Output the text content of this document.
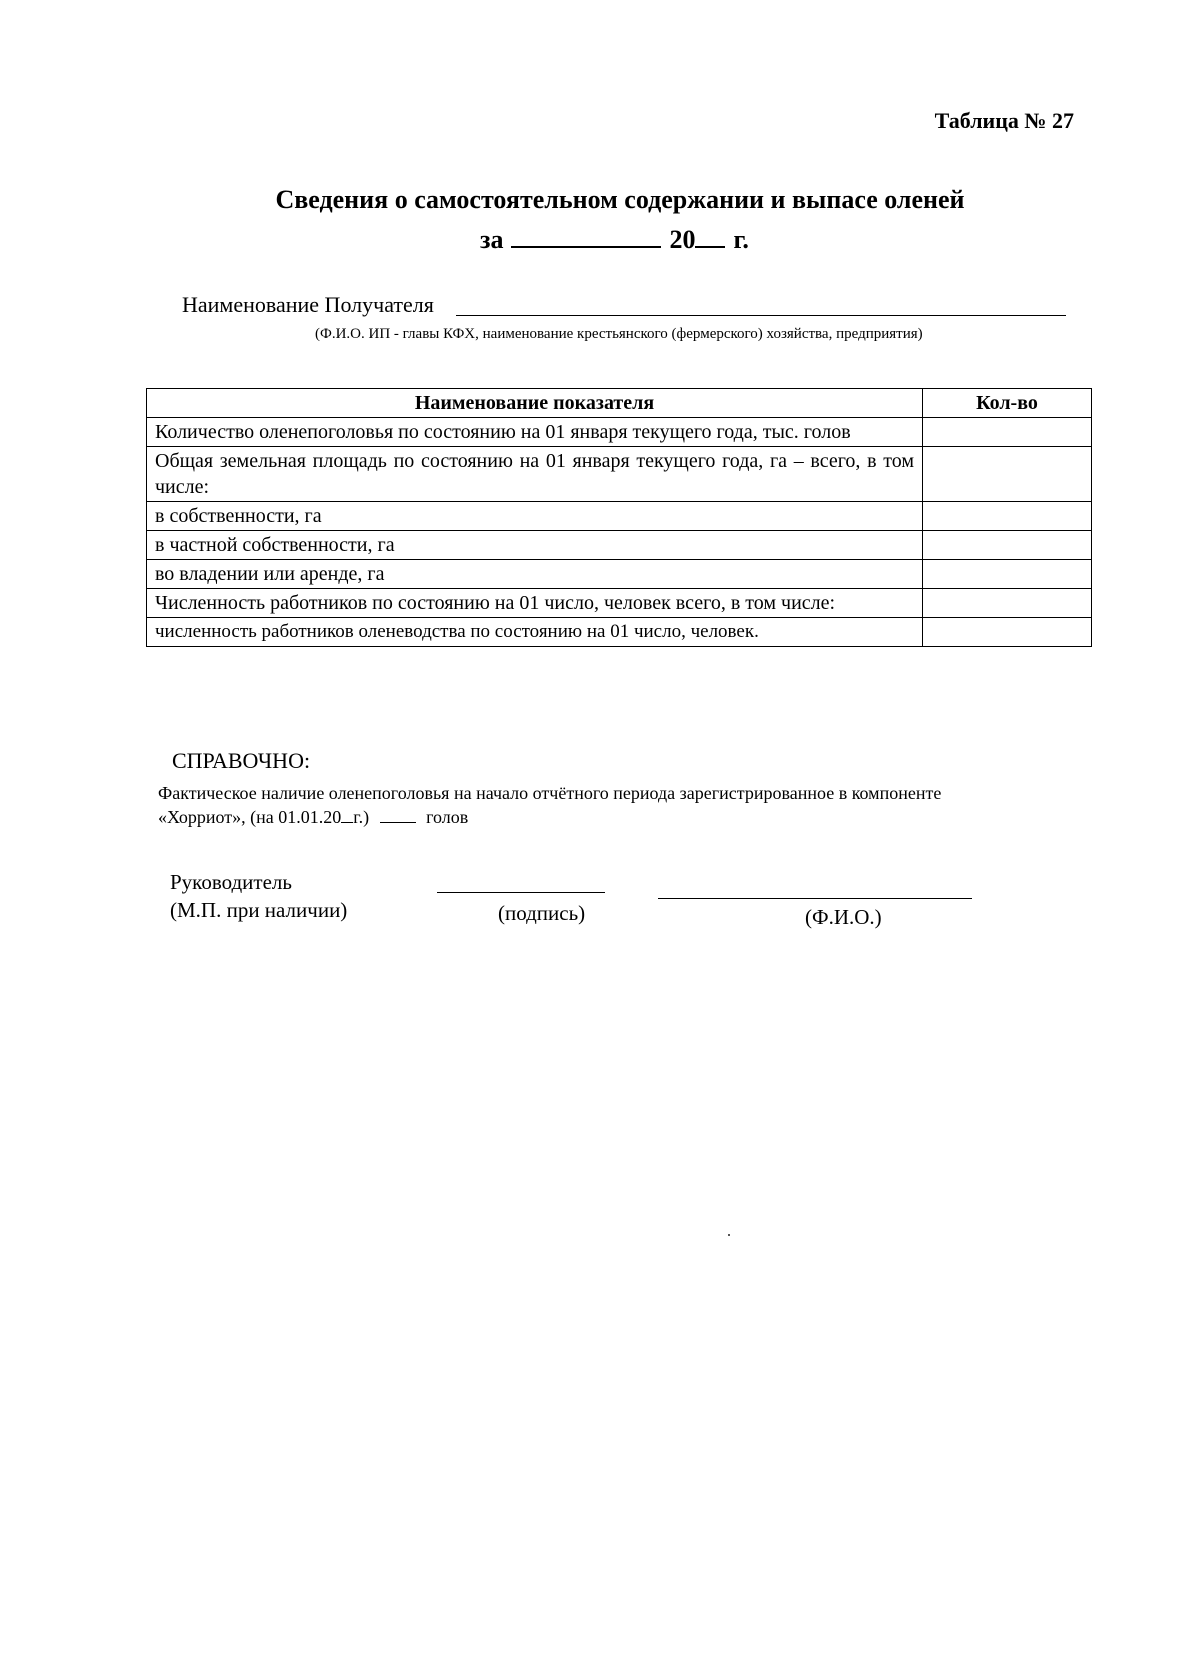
Таблица № 27
Сведения о самостоятельном содержании и выпасе оленей
за	20 г.
Наименование Получателя
(Ф.И.О. ИП - главы КФХ, наименование крестьянского (фермерского) хозяйства, предприятия)
Наименование показателя	Кол-во
Количество оленепоголовья по состоянию на 01 января текущего года, тыс. голов	
Общая земельная площадь по состоянию на 01 января текущего года, га – всего, в том числе:	
в собственности, га	
в частной собственности, га	
во владении или аренде, га	
Численность работников по состоянию на 01 число, человек всего, в том числе:	
численность работников оленеводства по состоянию на 01 число, человек.	
СПРАВОЧНО:
Фактическое наличие оленепоголовья на начало отчётного периода зарегистрированное в компоненте «Хорриот», (на 01.01.20 г.)	голов
Руководитель
(М.П. при наличии)	(подпись)	(Ф.И.О.)
